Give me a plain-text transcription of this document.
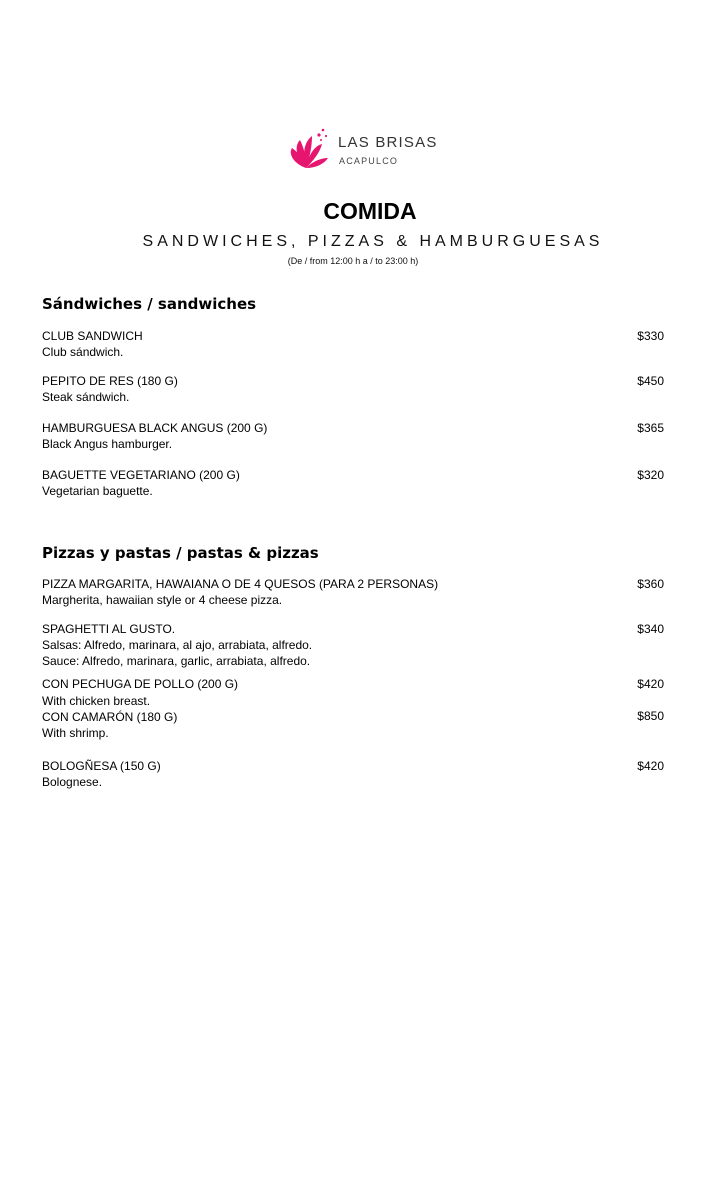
LAS BRISAS
ACAPULCO
COMIDA
SANDWICHES, PIZZAS & HAMBURGUESAS
(De / from 12:00 h a / to 23:00 h)
Sándwiches / sandwiches
CLUB SANDWICH
Club sándwich.
$330
PEPITO DE RES (180 G)
Steak sándwich.
$450
HAMBURGUESA BLACK ANGUS (200 G)
Black Angus hamburger.
$365
BAGUETTE VEGETARIANO (200 G)
Vegetarian baguette.
$320
Pizzas y pastas / pastas & pizzas
PIZZA MARGARITA, HAWAIANA O DE 4 QUESOS (PARA 2 PERSONAS)
Margherita, hawaiian style or 4 cheese pizza.
$360
SPAGHETTI AL GUSTO.
Salsas: Alfredo, marinara, al ajo, arrabiata, alfredo.
Sauce: Alfredo, marinara, garlic, arrabiata, alfredo.
$340
CON PECHUGA DE POLLO (200 G)
With chicken breast.
$420
CON CAMARÓN (180 G)
With shrimp.
$850
BOLOGÑESA (150 G)
Bolognese.
$420
